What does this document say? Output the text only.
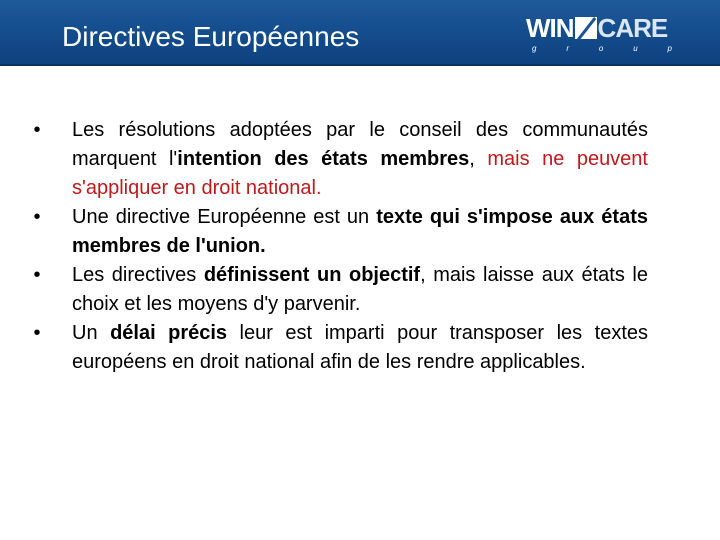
Directives Européennes	WIN CARE
g	r	o	u	p
• Les résolutions adoptées par le conseil des communautés marquent l'intention des états membres, mais ne peuvent s'appliquer en droit national.
• Une directive Européenne est un texte qui s'impose aux états membres de l'union.
• Les directives définissent un objectif, mais laisse aux états le choix et les moyens d'y parvenir.
• Un délai précis leur est imparti pour transposer les textes européens en droit national afin de les rendre applicables.
